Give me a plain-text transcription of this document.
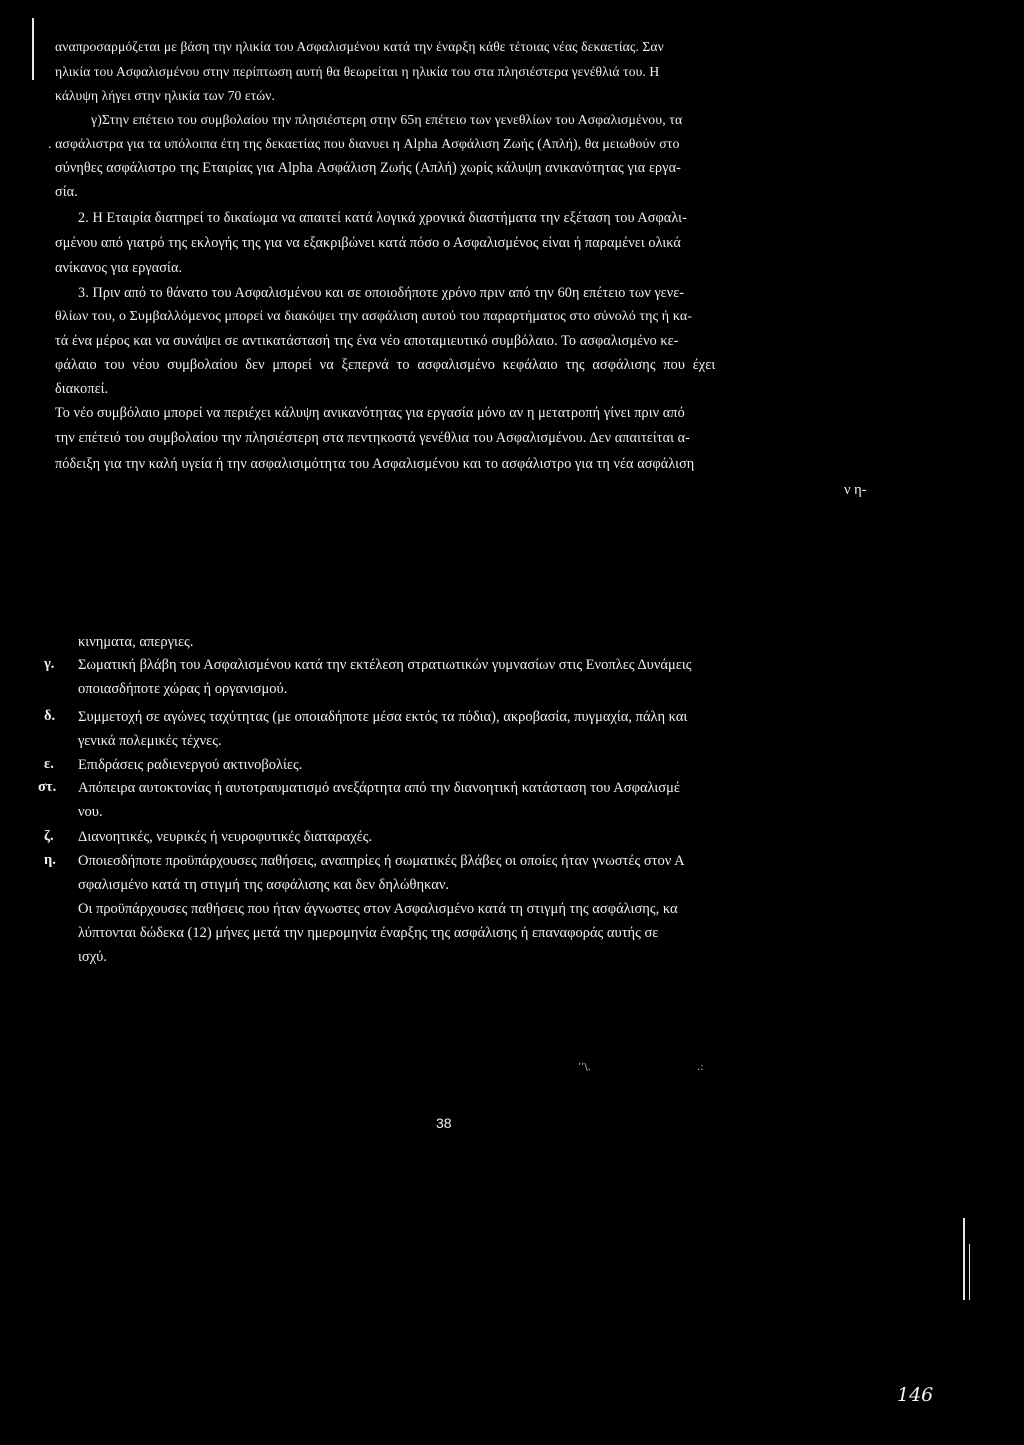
αναπροσαρμόζεται με βάση την ηλικία του Ασφαλισμένου κατά την έναρξη κάθε τέτοιας νέας δεκαετίας. Σαν
ηλικία του Ασφαλισμένου στην περίπτωση αυτή θα θεωρείται η ηλικία του στα πλησιέστερα γενέθλιά του. Η
κάλυψη λήγει στην ηλικία των 70 ετών.
γ)Στην επέτειο του συμβολαίου την πλησιέστερη στην 65η επέτειο των γενεθλίων του Ασφαλισμένου, τα
. ασφάλιστρα για τα υπόλοιπα έτη της δεκαετίας που διανυει η Alpha Ασφάλιση Ζωής (Απλή), θα μειωθούν στο
σύνηθες ασφάλιστρο της Εταιρίας για Alpha Ασφάλιση Ζωής (Απλή) χωρίς κάλυψη ανικανότητας για εργα-
σία.
2. Η Εταιρία διατηρεί το δικαίωμα να απαιτεί κατά λογικά χρονικά διαστήματα την εξέταση του Ασφαλι-
σμένου από γιατρό της εκλογής της για να εξακριβώνει κατά πόσο ο Ασφαλισμένος είναι ή παραμένει ολικά
ανίκανος για εργασία.
3. Πριν από το θάνατο του Ασφαλισμένου και σε οποιοδήποτε χρόνο πριν από την 60η επέτειο των γενε-
θλίων του, ο Συμβαλλόμενος μπορεί να διακόψει την ασφάλιση αυτού του παραρτήματος στο σύνολό της ή κα-
τά ένα μέρος και να συνάψει σε αντικατάστασή της ένα νέο αποταμιευτικό συμβόλαιο. Το ασφαλισμένο κε-
φάλαιο του νέου συμβολαίου δεν μπορεί να ξεπερνά το ασφαλισμένο κεφάλαιο της ασφάλισης που έχει
διακοπεί.
Το νέο συμβόλαιο μπορεί να περιέχει κάλυψη ανικανότητας για εργασία μόνο αν η μετατροπή γίνει πριν από
την επέτειό του συμβολαίου την πλησιέστερη στα πεντηκοστά γενέθλια του Ασφαλισμένου. Δεν απαιτείται α-
πόδειξη για την καλή υγεία ή την ασφαλισιμότητα του Ασφαλισμένου και το ασφάλιστρο για τη νέα ασφάλιση
ν η-
κινηματα, απεργιες.
γ. Σωματική βλάβη του Ασφαλισμένου κατά την εκτέλεση στρατιωτικών γυμνασίων στις Ενοπλες Δυνάμεις
οποιασδήποτε χώρας ή οργανισμού.
δ. Συμμετοχή σε αγώνες ταχύτητας (με οποιαδήποτε μέσα εκτός τα πόδια), ακροβασία, πυγμαχία, πάλη και
γενικά πολεμικές τέχνες.
ε. Επιδράσεις ραδιενεργού ακτινοβολίες.
στ. Απόπειρα αυτοκτονίας ή αυτοτραυματισμό ανεξάρτητα από την διανοητική κατάσταση του Ασφαλισμέ
νου.
ζ. Διανοητικές, νευρικές ή νευροφυτικές διαταραχές.
η. Οποιεσδήποτε προϋπάρχουσες παθήσεις, αναπηρίες ή σωματικές βλάβες οι οποίες ήταν γνωστές στον Α
σφαλισμένο κατά τη στιγμή της ασφάλισης και δεν δηλώθηκαν.
Οι προϋπάρχουσες παθήσεις που ήταν άγνωστες στον Ασφαλισμένο κατά τη στιγμή της ασφάλισης, κα
λύπτονται δώδεκα (12) μήνες μετά την ημερομηνία έναρξης της ασφάλισης ή επαναφοράς αυτής σε
ισχύ.
ʼʼ\.	.:
38
146
